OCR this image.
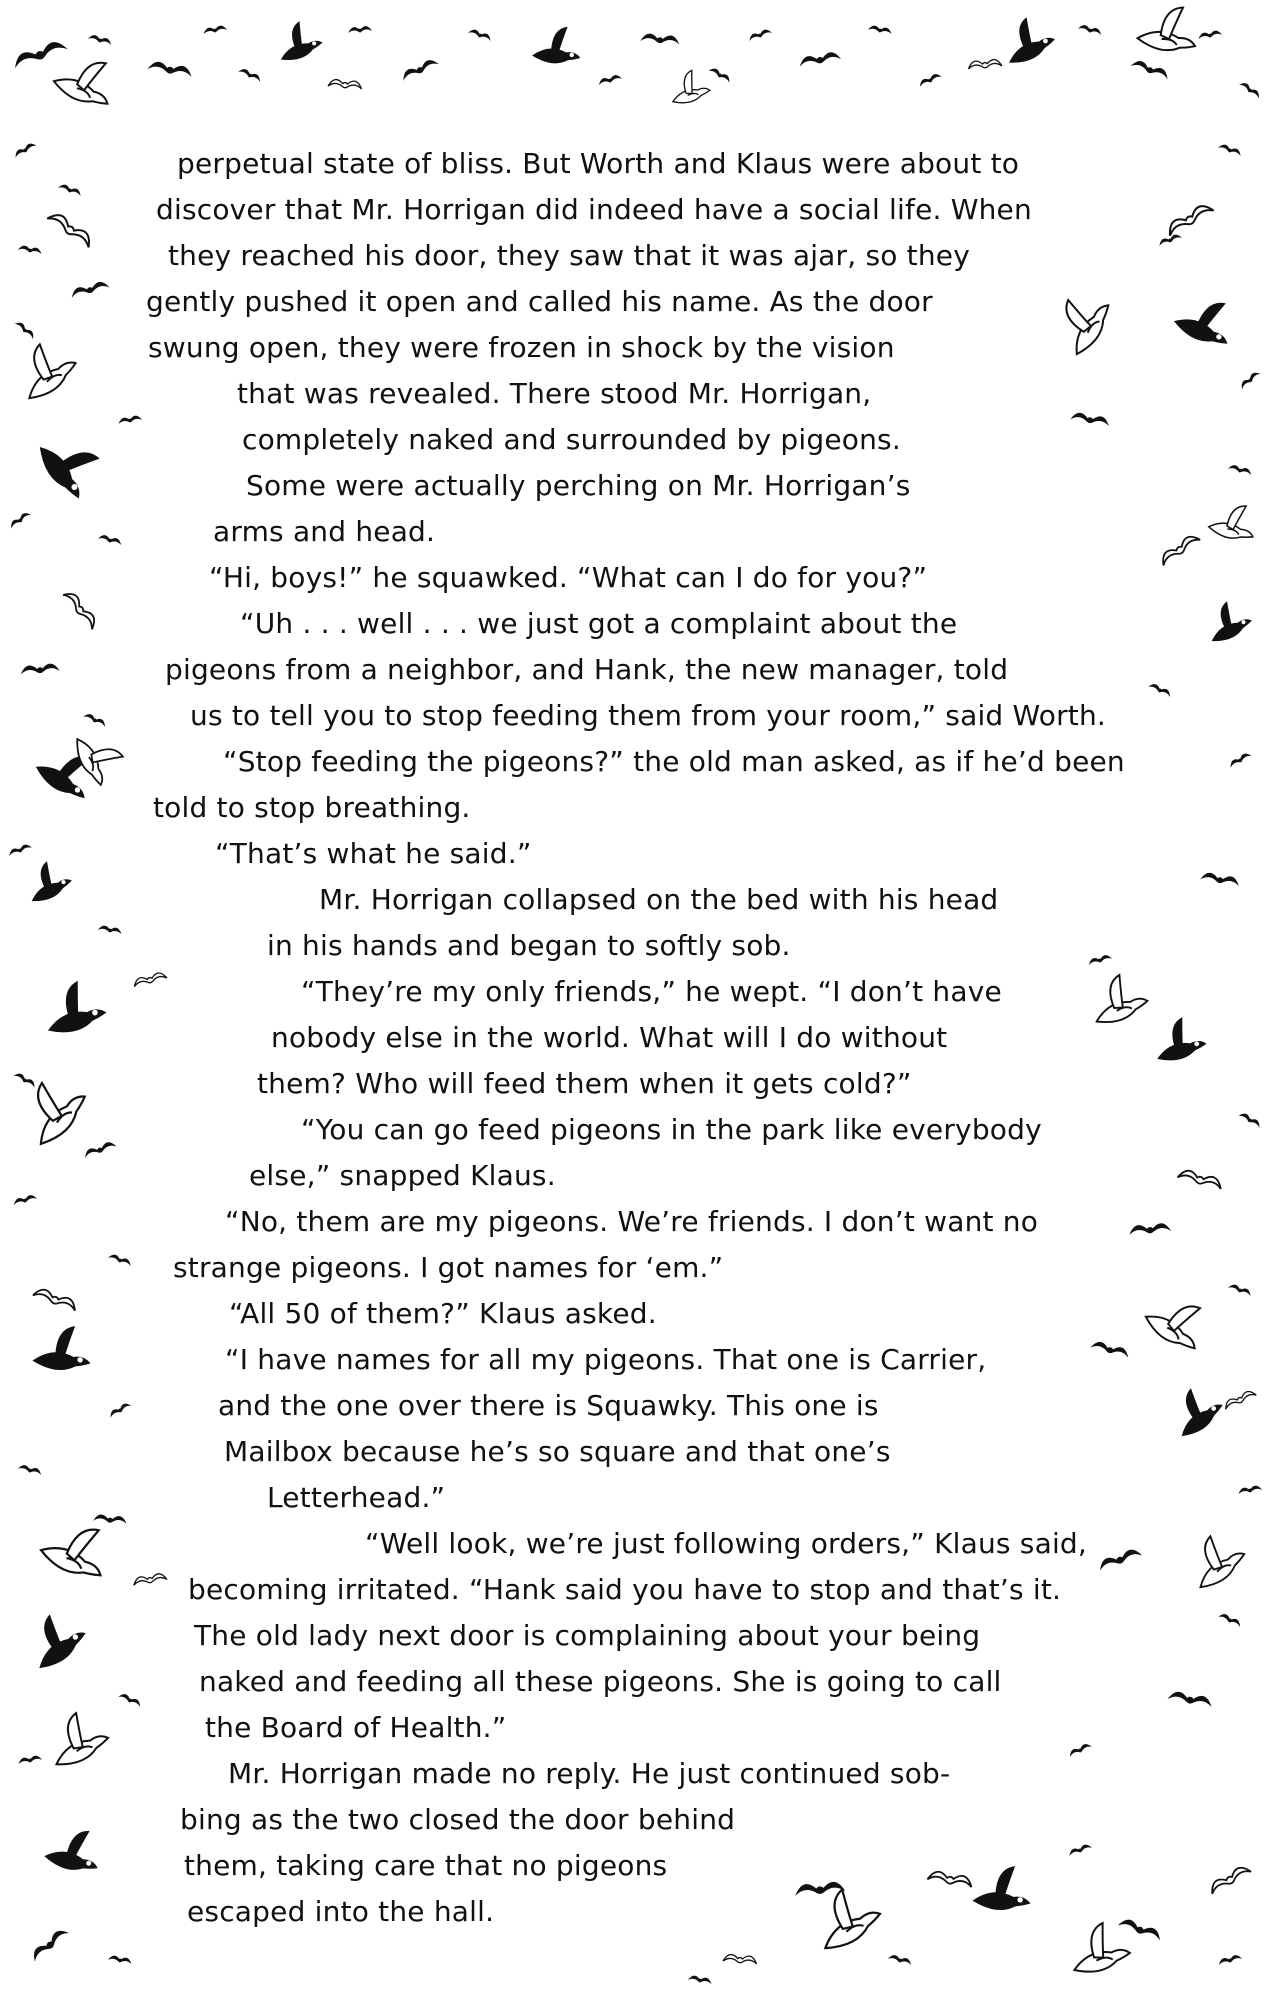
perpetual state of bliss. But Worth and Klaus were about to
discover that Mr. Horrigan did indeed have a social life. When
they reached his door, they saw that it was ajar, so they
gently pushed it open and called his name. As the door
swung open, they were frozen in shock by the vision
that was revealed. There stood Mr. Horrigan,
completely naked and surrounded by pigeons.
Some were actually perching on Mr. Horrigan’s
arms and head.
“Hi, boys!” he squawked. “What can I do for you?”
“Uh . . . well . . . we just got a complaint about the
pigeons from a neighbor, and Hank, the new manager, told
us to tell you to stop feeding them from your room,” said Worth.
“Stop feeding the pigeons?” the old man asked, as if he’d been
told to stop breathing.
“That’s what he said.”
Mr. Horrigan collapsed on the bed with his head
in his hands and began to softly sob.
“They’re my only friends,” he wept. “I don’t have
nobody else in the world. What will I do without
them? Who will feed them when it gets cold?”
“You can go feed pigeons in the park like everybody
else,” snapped Klaus.
“No, them are my pigeons. We’re friends. I don’t want no
strange pigeons. I got names for ‘em.”
“All 50 of them?” Klaus asked.
“I have names for all my pigeons. That one is Carrier,
and the one over there is Squawky. This one is
Mailbox because he’s so square and that one’s
Letterhead.”
“Well look, we’re just following orders,” Klaus said,
becoming irritated. “Hank said you have to stop and that’s it.
The old lady next door is complaining about your being
naked and feeding all these pigeons. She is going to call
the Board of Health.”
Mr. Horrigan made no reply. He just continued sob-
bing as the two closed the door behind
them, taking care that no pigeons
escaped into the hall.
